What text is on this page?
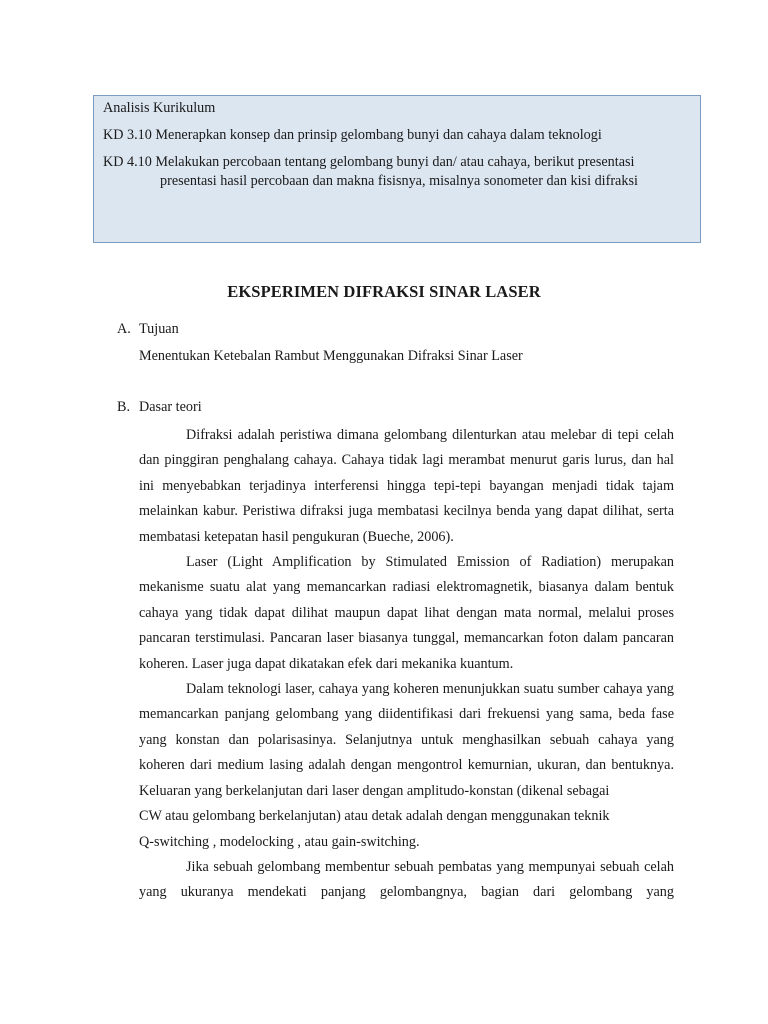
Analisis Kurikulum
KD 3.10 Menerapkan konsep dan prinsip gelombang bunyi dan cahaya dalam teknologi
KD 4.10 Melakukan percobaan tentang gelombang bunyi dan/ atau cahaya, berikut presentasi presentasi hasil percobaan dan makna fisisnya, misalnya sonometer dan kisi difraksi
EKSPERIMEN DIFRAKSI SINAR LASER
A. Tujuan
Menentukan Ketebalan Rambut Menggunakan Difraksi Sinar Laser
B. Dasar teori

Difraksi adalah peristiwa dimana gelombang dilenturkan atau melebar di tepi celah dan pinggiran penghalang cahaya. Cahaya tidak lagi merambat menurut garis lurus, dan hal ini menyebabkan terjadinya interferensi hingga tepi-tepi bayangan menjadi tidak tajam melainkan kabur. Peristiwa difraksi juga membatasi kecilnya benda yang dapat dilihat, serta membatasi ketepatan hasil pengukuran (Bueche, 2006).

Laser (Light Amplification by Stimulated Emission of Radiation) merupakan mekanisme suatu alat yang memancarkan radiasi elektromagnetik, biasanya dalam bentuk cahaya yang tidak dapat dilihat maupun dapat lihat dengan mata normal, melalui proses pancaran terstimulasi. Pancaran laser biasanya tunggal, memancarkan foton dalam pancaran koheren. Laser juga dapat dikatakan efek dari mekanika kuantum.

Dalam teknologi laser, cahaya yang koheren menunjukkan suatu sumber cahaya yang memancarkan panjang gelombang yang diidentifikasi dari frekuensi yang sama, beda fase yang konstan dan polarisasinya. Selanjutnya untuk menghasilkan sebuah cahaya yang koheren dari medium lasing adalah dengan mengontrol kemurnian, ukuran, dan bentuknya. Keluaran yang berkelanjutan dari laser dengan amplitudo-konstan (dikenal sebagai

CW atau gelombang berkelanjutan) atau detak adalah dengan menggunakan teknik

Q-switching , modelocking , atau gain-switching.

Jika sebuah gelombang membentur sebuah pembatas yang mempunyai sebuah celah yang ukuranya mendekati panjang gelombangnya, bagian dari gelombang yang
